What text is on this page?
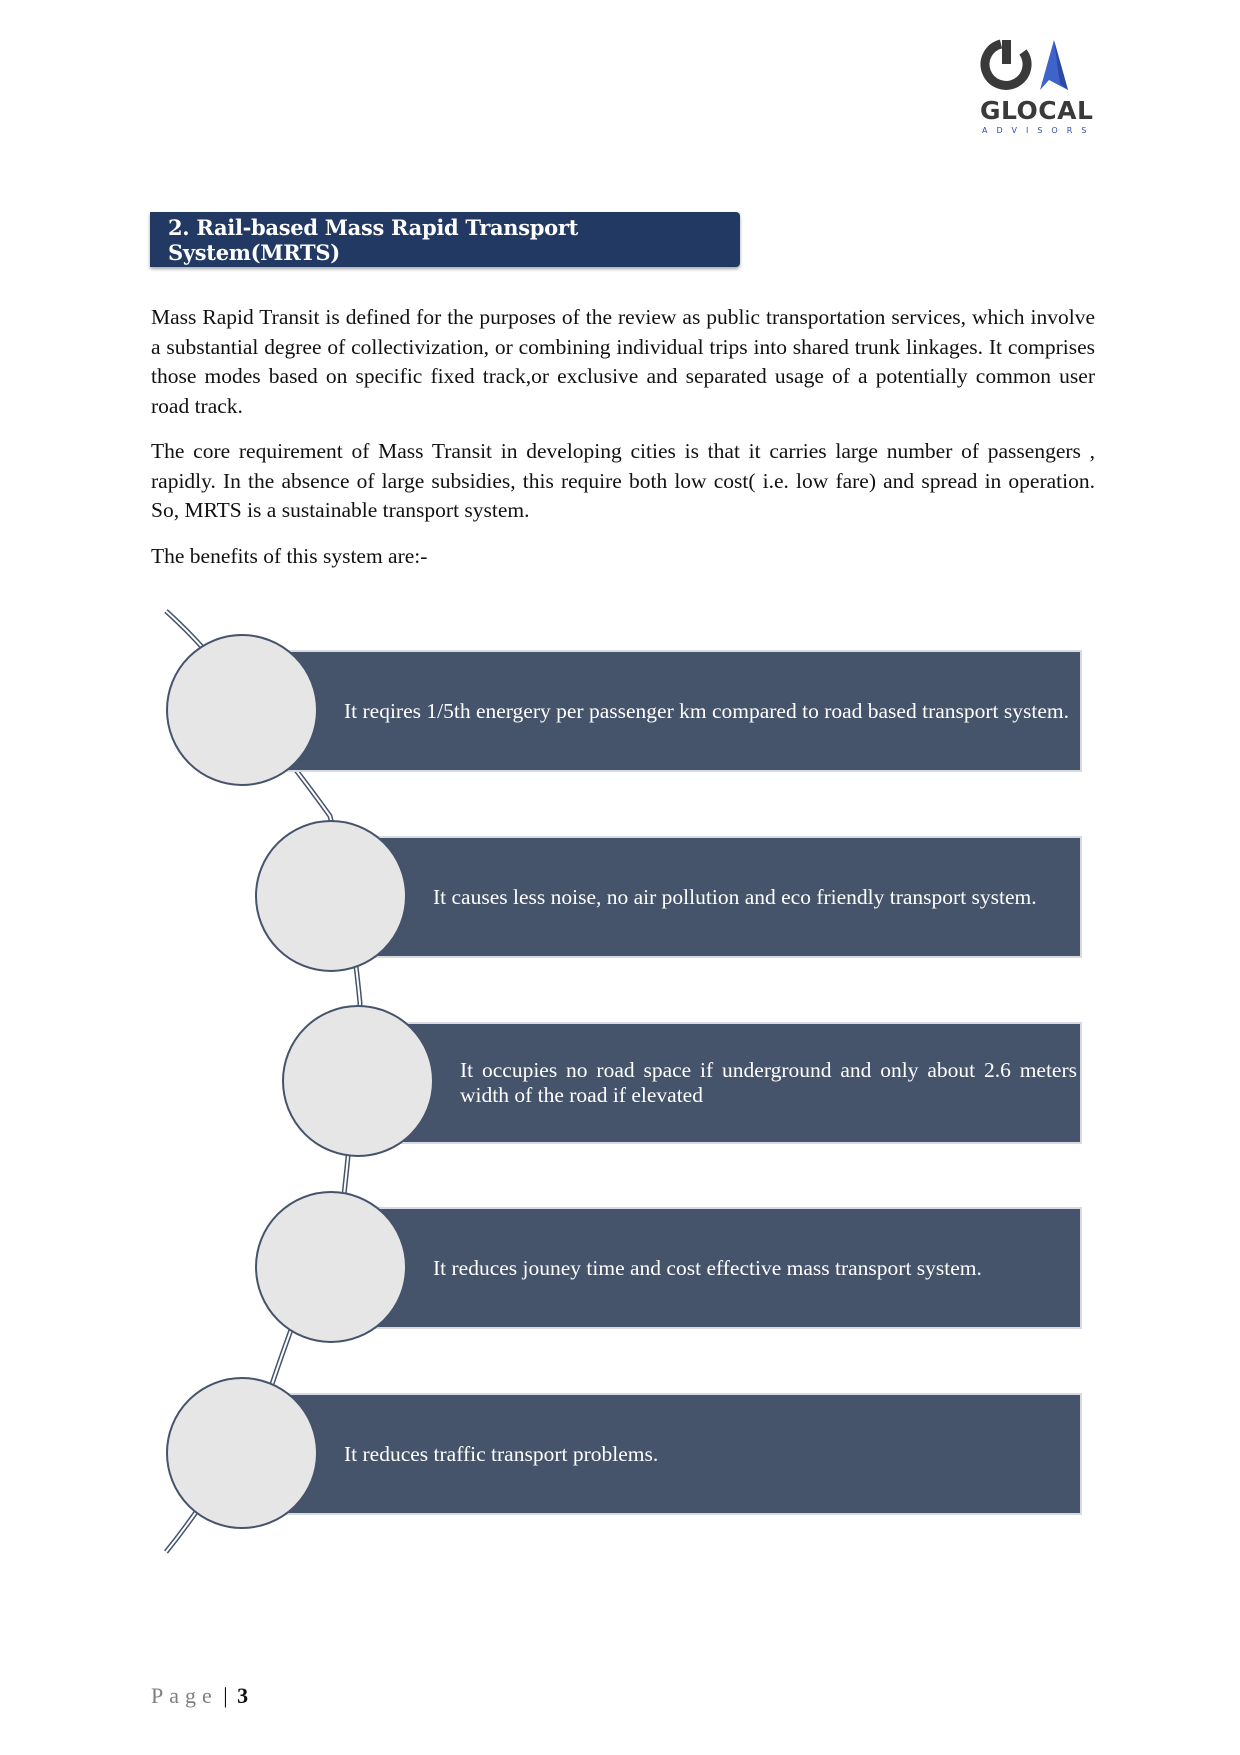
GLOCAL
ADVISORS
2. Rail-based Mass Rapid Transport System(MRTS)

Mass Rapid Transit is defined for the purposes of the review as public transportation services, which involve a substantial degree of collectivization, or combining individual trips into shared trunk linkages. It comprises those modes based on specific fixed track,or exclusive and separated usage of a potentially common user road track.

The core requirement of Mass Transit in developing cities is that it carries large number of passengers , rapidly. In the absence of large subsidies, this require both low cost( i.e. low fare) and spread in operation. So, MRTS is a sustainable transport system.

The benefits of this system are:-

It reqires 1/5th energery per passenger km compared to road based transport system.
It causes less noise, no air pollution and eco friendly transport system.
It occupies no road space if underground and only about 2.6 meters width of the road if elevated
It reduces jouney time and cost effective mass transport system.
It reduces traffic transport problems.
Page | 3
